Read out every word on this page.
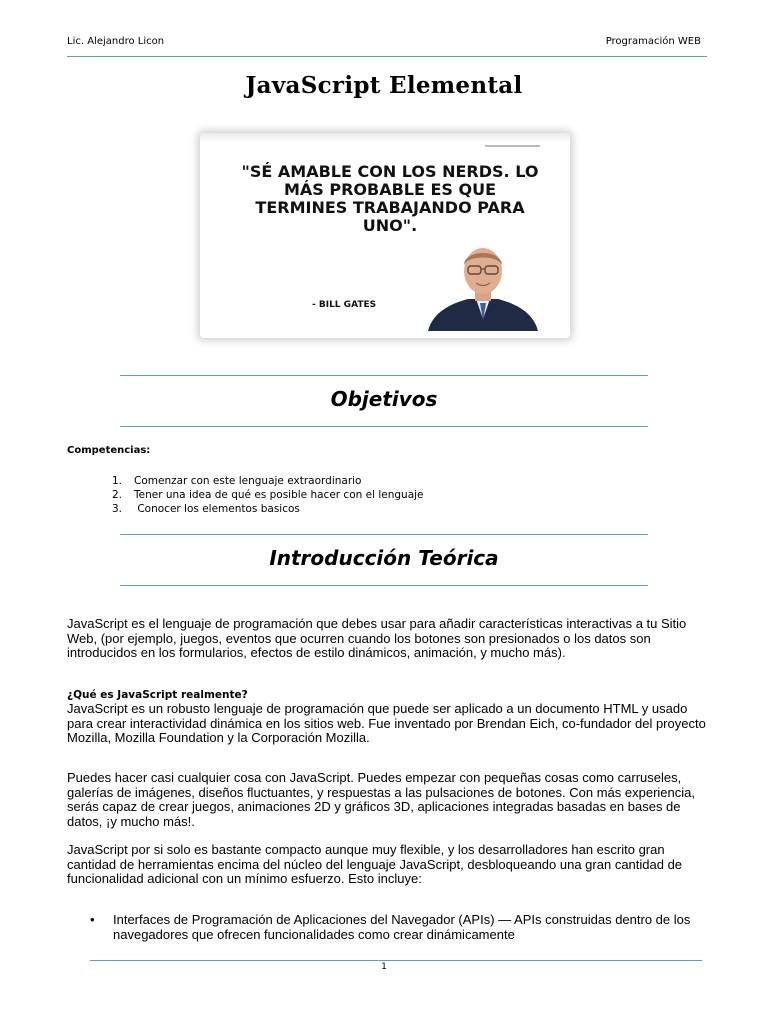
Lic. Alejandro Licon	Programación WEB
JavaScript Elemental
"SÉ AMABLE CON LOS NERDS. LO MÁS PROBABLE ES QUE TERMINES TRABAJANDO PARA UNO".
- BILL GATES
Objetivos
Competencias:
1. Comenzar con este lenguaje extraordinario
2. Tener una idea de qué es posible hacer con el lenguaje
3. Conocer los elementos basicos
Introducción Teórica

JavaScript es el lenguaje de programación que debes usar para añadir características interactivas a tu Sitio Web, (por ejemplo, juegos, eventos que ocurren cuando los botones son presionados o los datos son introducidos en los formularios, efectos de estilo dinámicos, animación, y mucho más).

¿Qué es JavaScript realmente?

JavaScript es un robusto lenguaje de programación que puede ser aplicado a un documento HTML y usado para crear interactividad dinámica en los sitios web. Fue inventado por Brendan Eich, co-fundador del proyecto Mozilla, Mozilla Foundation y la Corporación Mozilla.

Puedes hacer casi cualquier cosa con JavaScript. Puedes empezar con pequeñas cosas como carruseles, galerías de imágenes, diseños fluctuantes, y respuestas a las pulsaciones de botones. Con más experiencia, serás capaz de crear juegos, animaciones 2D y gráficos 3D, aplicaciones integradas basadas en bases de datos, ¡y mucho más!.

JavaScript por si solo es bastante compacto aunque muy flexible, y los desarrolladores han escrito gran cantidad de herramientas encima del núcleo del lenguaje JavaScript, desbloqueando una gran cantidad de funcionalidad adicional con un mínimo esfuerzo. Esto incluye:

• Interfaces de Programación de Aplicaciones del Navegador (APIs) — APIs construidas dentro de los navegadores que ofrecen funcionalidades como crear dinámicamente
1
